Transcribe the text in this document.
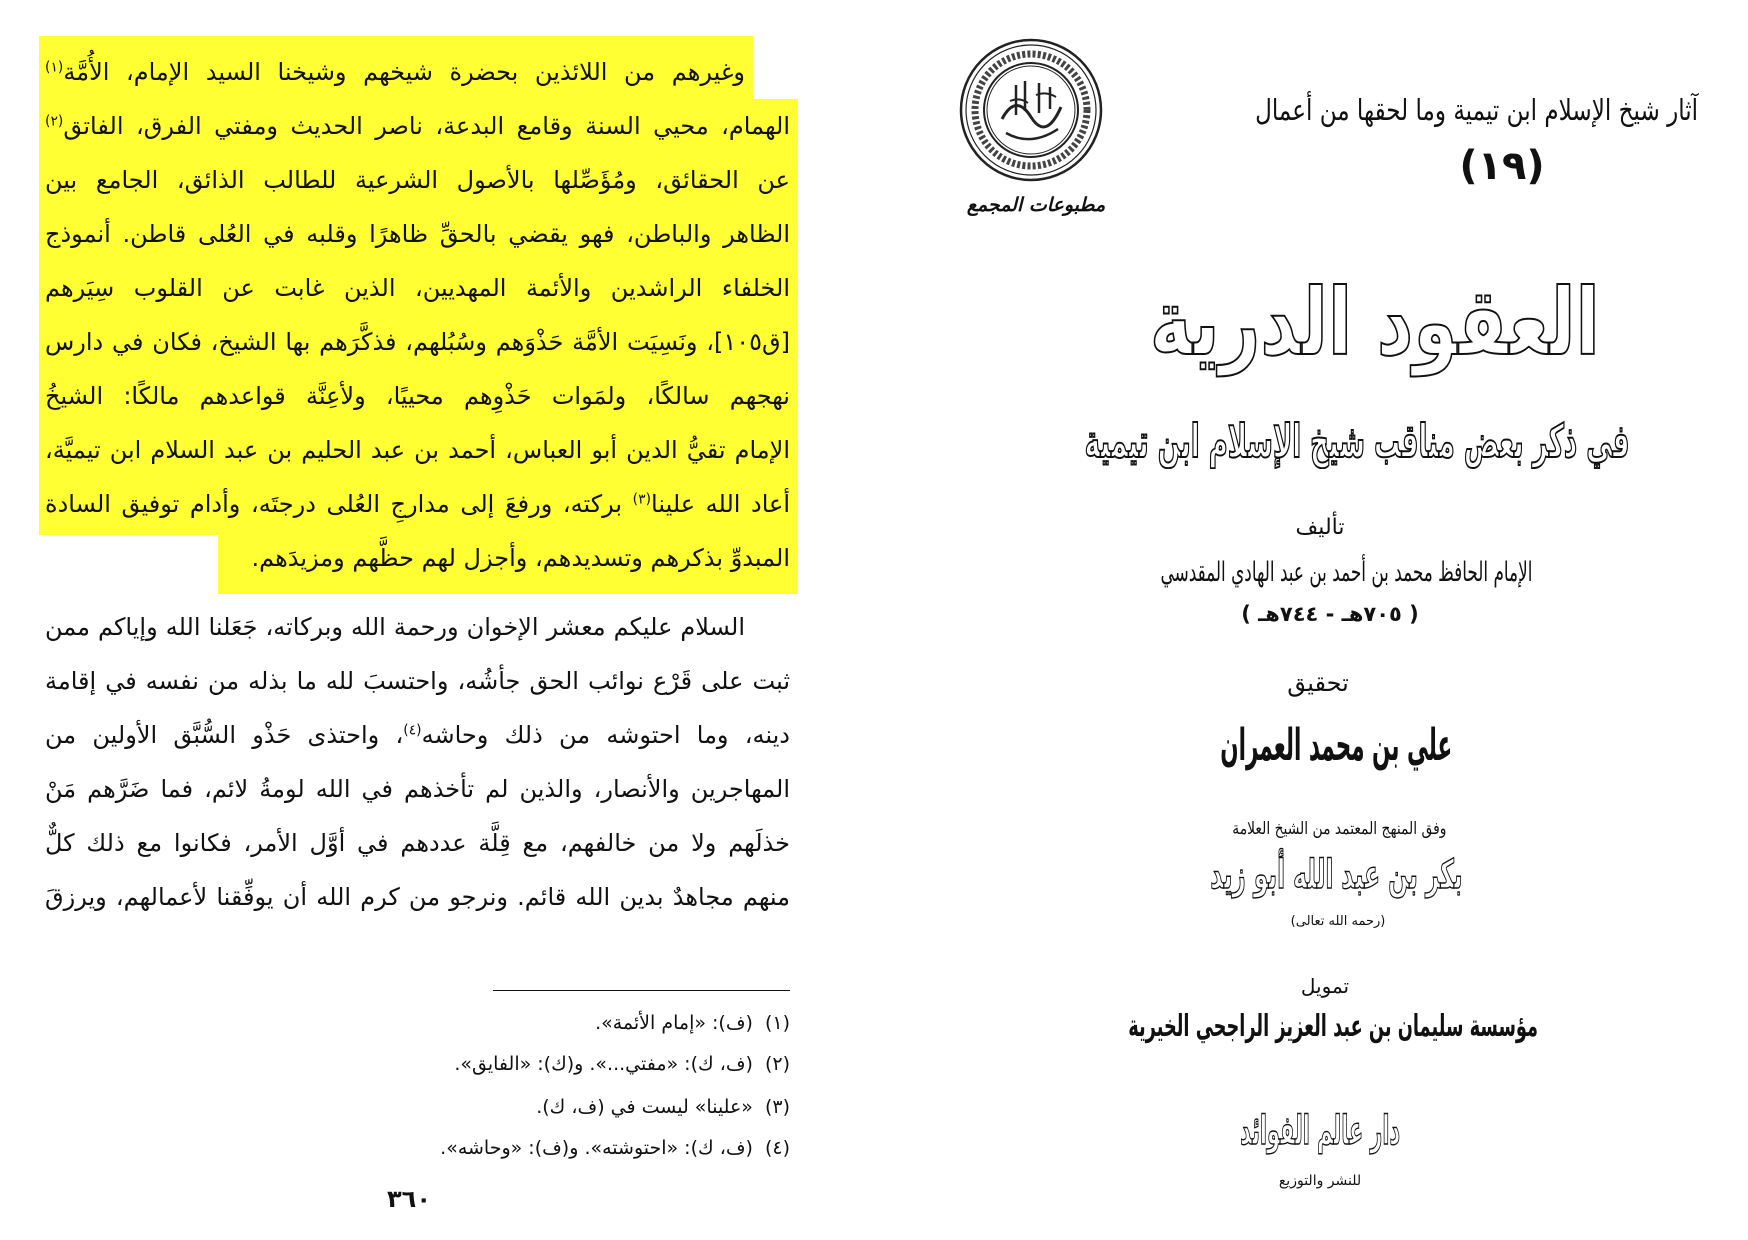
٣٦٠
وغيرهم من اللائذين بحضرة شيخهم وشيخنا السيد الإمام، الأُمَّة$^{(١)}$
الهمام، محيي السنة وقامع البدعة، ناصر الحديث ومفتي الفرق، الفاتق$^{(٢)}$
عن الحقائق، ومُؤَصِّلها بالأصول الشرعية للطالب الذائق، الجامع بين
الظاهر والباطن، فهو يقضي بالحقِّ ظاهرًا وقلبه في العُلى قاطن. أنموذج
الخلفاء الراشدين والأئمة المهديين، الذين غابت عن القلوب سِيَرهم
[ق١٠٥]، ونَسِيَت الأمَّة حَذْوَهم وسُبُلهم، فذكَّرَهم بها الشيخ، فكان في دارس
نهجهم سالكًا، ولمَوات حَذْوِهم محييًا، ولأعِنَّة قواعدهم مالكًا: الشيخُ
الإمام تقيُّ الدين أبو العباس، أحمد بن عبد الحليم بن عبد السلام ابن تيميَّة،
أعاد الله علينا$^{(٣)}$ بركته، ورفعَ إلى مدارجِ العُلى درجتَه، وأدام توفيق السادة
المبدوِّ بذكرهم وتسديدهم، وأجزل لهم حظَّهم ومزيدَهم.
السلام عليكم معشر الإخوان ورحمة الله وبركاته، جَعَلنا الله وإياكم ممن
ثبت على قَرْع نوائب الحق جأشُه، واحتسبَ لله ما بذله من نفسه في إقامة
دينه، وما احتوشه من ذلك وحاشه$^{(٤)}$، واحتذى حَذْو السُّبَّق الأولين من
المهاجرين والأنصار، والذين لم تأخذهم في الله لومةُ لائم، فما ضَرَّهم مَنْ
خذلَهم ولا من خالفهم، مع قِلَّة عددهم في أوَّل الأمر، فكانوا مع ذلك كلٌّ
منهم مجاهدٌ بدين الله قائم. ونرجو من كرم الله أن يوفِّقنا لأعمالهم، ويرزقَ
(١)
(ف): «إمام الأئمة».
(٢)
(ف، ك): «مفتي...». و(ك): «الفايق».
(٣)
«علينا» ليست في (ف، ك).
(٤)
(ف، ك): «احتوشته». و(ف): «وحاشه».
مطبوعات المجمع
آثار شيخ الإسلام ابن تيمية وما لحقها من أعمال
(١٩)
العقود الدرية
في ذكر بعض مناقب شيخ الإسلام ابن تيمية
تأليف
الإمام الحافظ محمد بن أحمد بن عبد الهادي المقدسي
( ٧٠٥هـ - ٧٤٤هـ )
تحقيق
علي بن محمد العمران
وفق المنهج المعتمد من الشيخ العلامة
بكر بن عبد الله أبو زيد
(رحمه الله تعالى)
تمويل
مؤسسة سليمان بن عبد العزيز الراجحي الخيرية
دار عالم الفوائد
للنشر والتوزيع
